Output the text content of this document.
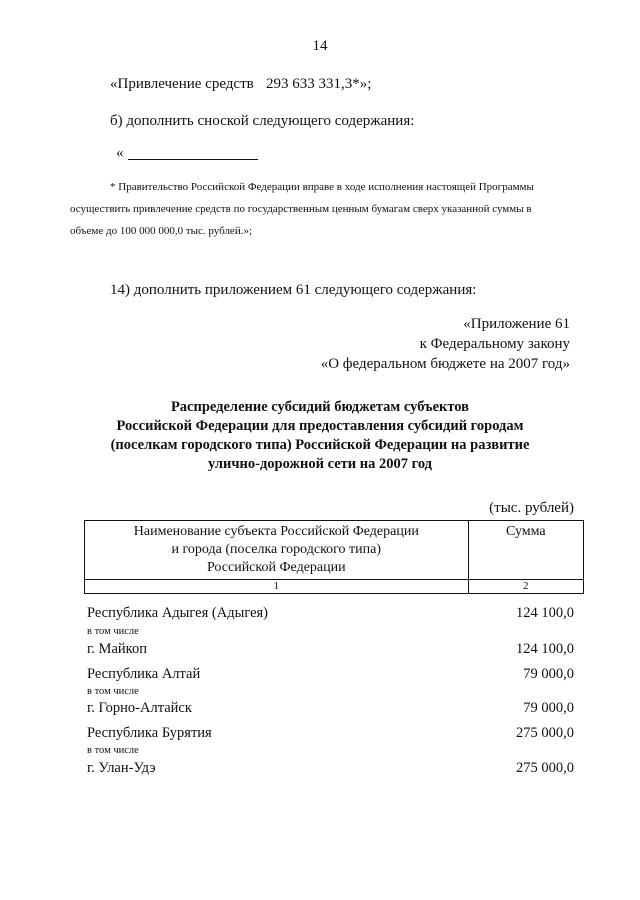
14
«Привлечение средств 293 633 331,3*»;
б) дополнить сноской следующего содержания:
«
* Правительство Российской Федерации вправе в ходе исполнения настоящей Программы
осуществить привлечение средств по государственным ценным бумагам сверх указанной суммы в
объеме до 100 000 000,0 тыс. рублей.»;
14) дополнить приложением 61 следующего содержания:
«Приложение 61
к Федеральному закону
«О федеральном бюджете на 2007 год»
Распределение субсидий бюджетам субъектов
Российской Федерации для предоставления субсидий городам
(поселкам городского типа) Российской Федерации на развитие
улично-дорожной сети на 2007 год
(тыс. рублей)
Наименование субъекта Российской Федерации
и города (поселка городского типа)
Российской Федерации	Сумма

1	2
Республика Адыгея (Адыгея)	124 100,0
в том числе
г. Майкоп	124 100,0
Республика Алтай	79 000,0
в том числе
г. Горно-Алтайск	79 000,0
Республика Бурятия	275 000,0
в том числе
г. Улан-Удэ	275 000,0
